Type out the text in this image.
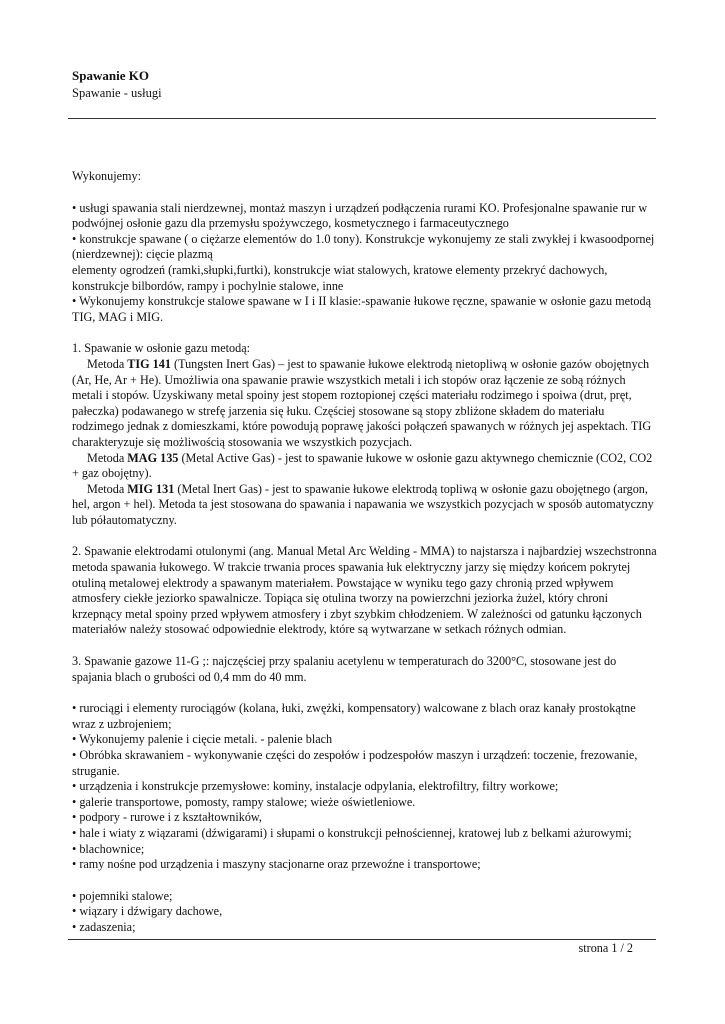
Spawanie KO
Spawanie - usługi

Wykonujemy:

• usługi spawania stali nierdzewnej, montaż maszyn i urządzeń podłączenia rurami KO. Profesjonalne spawanie rur w podwójnej osłonie gazu dla przemysłu spożywczego, kosmetycznego i farmaceutycznego

• konstrukcje spawane ( o ciężarze elementów do 1.0 tony). Konstrukcje wykonujemy ze stali zwykłej i kwasoodpornej (nierdzewnej): cięcie plazmą

elementy ogrodzeń (ramki,słupki,furtki), konstrukcje wiat stalowych, kratowe elementy przekryć dachowych, konstrukcje bilbordów, rampy i pochylnie stalowe, inne

• Wykonujemy konstrukcje stalowe spawane w I i II klasie:-spawanie łukowe ręczne, spawanie w osłonie gazu metodą TIG, MAG i MIG.

1. Spawanie w osłonie gazu metodą:

Metoda TIG 141 (Tungsten Inert Gas) – jest to spawanie łukowe elektrodą nietopliwą w osłonie gazów obojętnych (Ar, He, Ar + He). Umożliwia ona spawanie prawie wszystkich metali i ich stopów oraz łączenie ze sobą różnych metali i stopów. Uzyskiwany metal spoiny jest stopem roztopionej części materiału rodzimego i spoiwa (drut, pręt, pałeczka) podawanego w strefę jarzenia się łuku. Częściej stosowane są stopy zbliżone składem do materiału rodzimego jednak z domieszkami, które powodują poprawę jakości połączeń spawanych w różnych jej aspektach. TIG charakteryzuje się możliwością stosowania we wszystkich pozycjach.

Metoda MAG 135 (Metal Active Gas) - jest to spawanie łukowe w osłonie gazu aktywnego chemicznie (CO2, CO2 + gaz obojętny).

Metoda MIG 131 (Metal Inert Gas) - jest to spawanie łukowe elektrodą topliwą w osłonie gazu obojętnego (argon, hel, argon + hel). Metoda ta jest stosowana do spawania i napawania we wszystkich pozycjach w sposób automatyczny lub półautomatyczny.

2. Spawanie elektrodami otulonymi (ang. Manual Metal Arc Welding - MMA) to najstarsza i najbardziej wszechstronna metoda spawania łukowego. W trakcie trwania proces spawania łuk elektryczny jarzy się między końcem pokrytej otuliną metalowej elektrody a spawanym materiałem. Powstające w wyniku tego gazy chronią przed wpływem atmosfery ciekłe jeziorko spawalnicze. Topiąca się otulina tworzy na powierzchni jeziorka żużel, który chroni krzepnący metal spoiny przed wpływem atmosfery i zbyt szybkim chłodzeniem. W zależności od gatunku łączonych materiałów należy stosować odpowiednie elektrody, które są wytwarzane w setkach różnych odmian.

3. Spawanie gazowe 11-G ;: najczęściej przy spalaniu acetylenu w temperaturach do 3200°C, stosowane jest do spajania blach o grubości od 0,4 mm do 40 mm.

• rurociągi i elementy rurociągów (kolana, łuki, zwężki, kompensatory) walcowane z blach oraz kanały prostokątne wraz z uzbrojeniem;

• Wykonujemy palenie i cięcie metali. - palenie blach

• Obróbka skrawaniem - wykonywanie części do zespołów i podzespołów maszyn i urządzeń: toczenie, frezowanie, struganie.

• urządzenia i konstrukcje przemysłowe: kominy, instalacje odpylania, elektrofiltry, filtry workowe;

• galerie transportowe, pomosty, rampy stalowe; wieże oświetleniowe.

• podpory - rurowe i z kształtowników,

• hale i wiaty z wiązarami (dźwigarami) i słupami o konstrukcji pełnościennej, kratowej lub z belkami ażurowymi;

• blachownice;

• ramy nośne pod urządzenia i maszyny stacjonarne oraz przewoźne i transportowe;

• pojemniki stalowe;

• wiązary i dźwigary dachowe,

• zadaszenia;

strona 1 / 2
